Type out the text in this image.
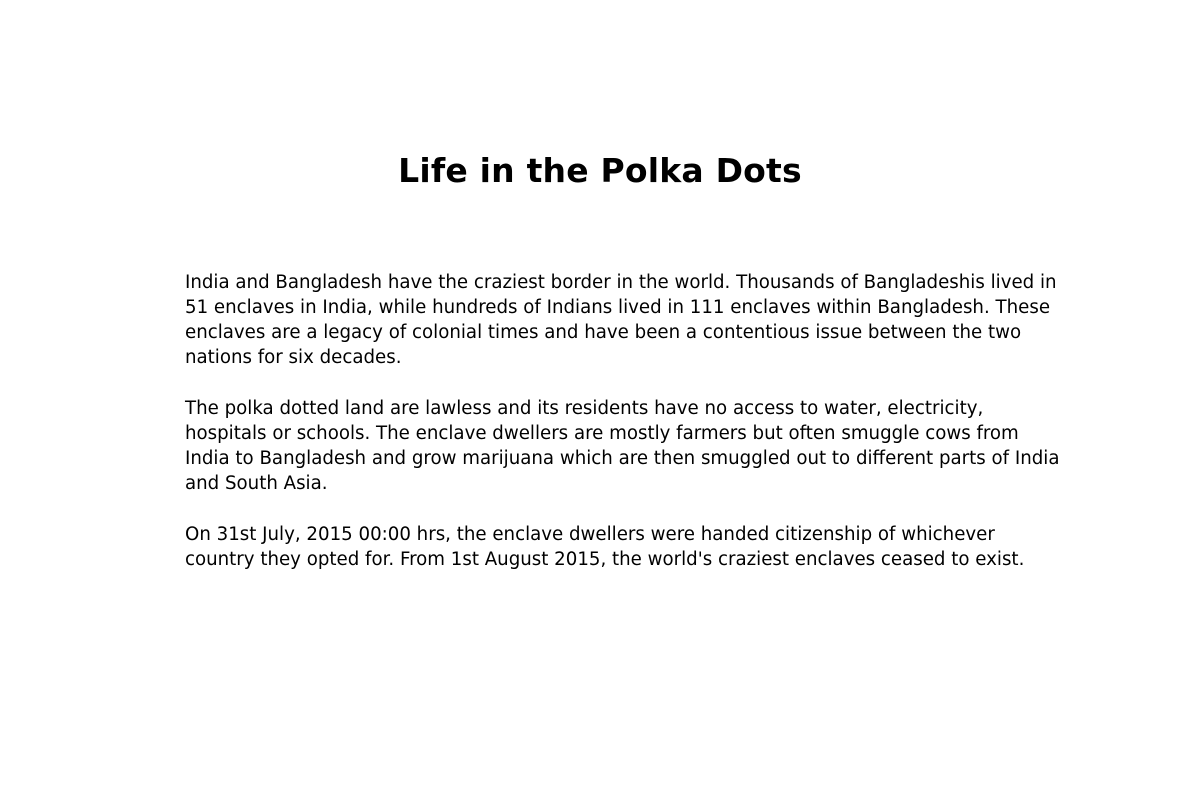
Life in the Polka Dots

India and Bangladesh have the craziest border in the world. Thousands of Bangladeshis lived in 51 enclaves in India, while hundreds of Indians lived in 111 enclaves within Bangladesh. These enclaves are a legacy of colonial times and have been a contentious issue between the two nations for six decades.

The polka dotted land are lawless and its residents have no access to water, electricity, hospitals or schools. The enclave dwellers are mostly farmers but often smuggle cows from India to Bangladesh and grow marijuana which are then smuggled out to different parts of India and South Asia.

On 31st July, 2015 00:00 hrs, the enclave dwellers were handed citizenship of whichever country they opted for. From 1st August 2015, the world's craziest enclaves ceased to exist.
